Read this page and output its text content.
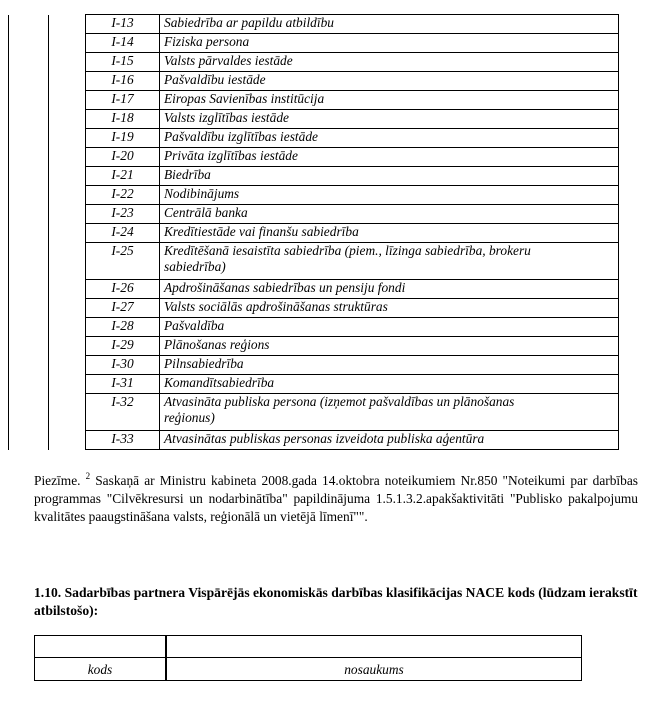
		I-13	Sabiedrība ar papildu atbildību

		I-14	Fiziska persona

		I-15	Valsts pārvaldes iestāde

		I-16	Pašvaldību iestāde

		I-17	Eiropas Savienības institūcija

		I-18	Valsts izglītības iestāde

		I-19	Pašvaldību izglītības iestāde

		I-20	Privāta izglītības iestāde

		I-21	Biedrība

		I-22	Nodibinājums

		I-23	Centrālā banka

		I-24	Kredītiestāde vai finanšu sabiedrība

		I-25	Kredītēšanā iesaistīta sabiedrība (piem., līzinga sabiedrība, brokeru
sabiedrība)

		I-26	Apdrošināšanas sabiedrības un pensiju fondi

		I-27	Valsts sociālās apdrošināšanas struktūras

		I-28	Pašvaldība

		I-29	Plānošanas reģions

		I-30	Pilnsabiedrība

		I-31	Komandītsabiedrība

		I-32	Atvasināta publiska persona (izņemot pašvaldības un plānošanas
reģionus)

		I-33	Atvasinātas publiskas personas izveidota publiska aģentūra
Piezīme. $^2$ Saskaņā ar Ministru kabineta 2008.gada 14.oktobra noteikumiem Nr.850 "Noteikumi par darbības programmas "Cilvēkresursi un nodarbinātība" papildinājuma 1.5.1.3.2.apakšaktivitāti "Publisko pakalpojumu kvalitātes paaugstināšana valsts, reģionālā un vietējā līmenī"".
1.10. Sadarbības partnera Vispārējās ekonomiskās darbības klasifikācijas NACE kods (lūdzam ierakstīt atbilstošo):
kods	nosaukums
